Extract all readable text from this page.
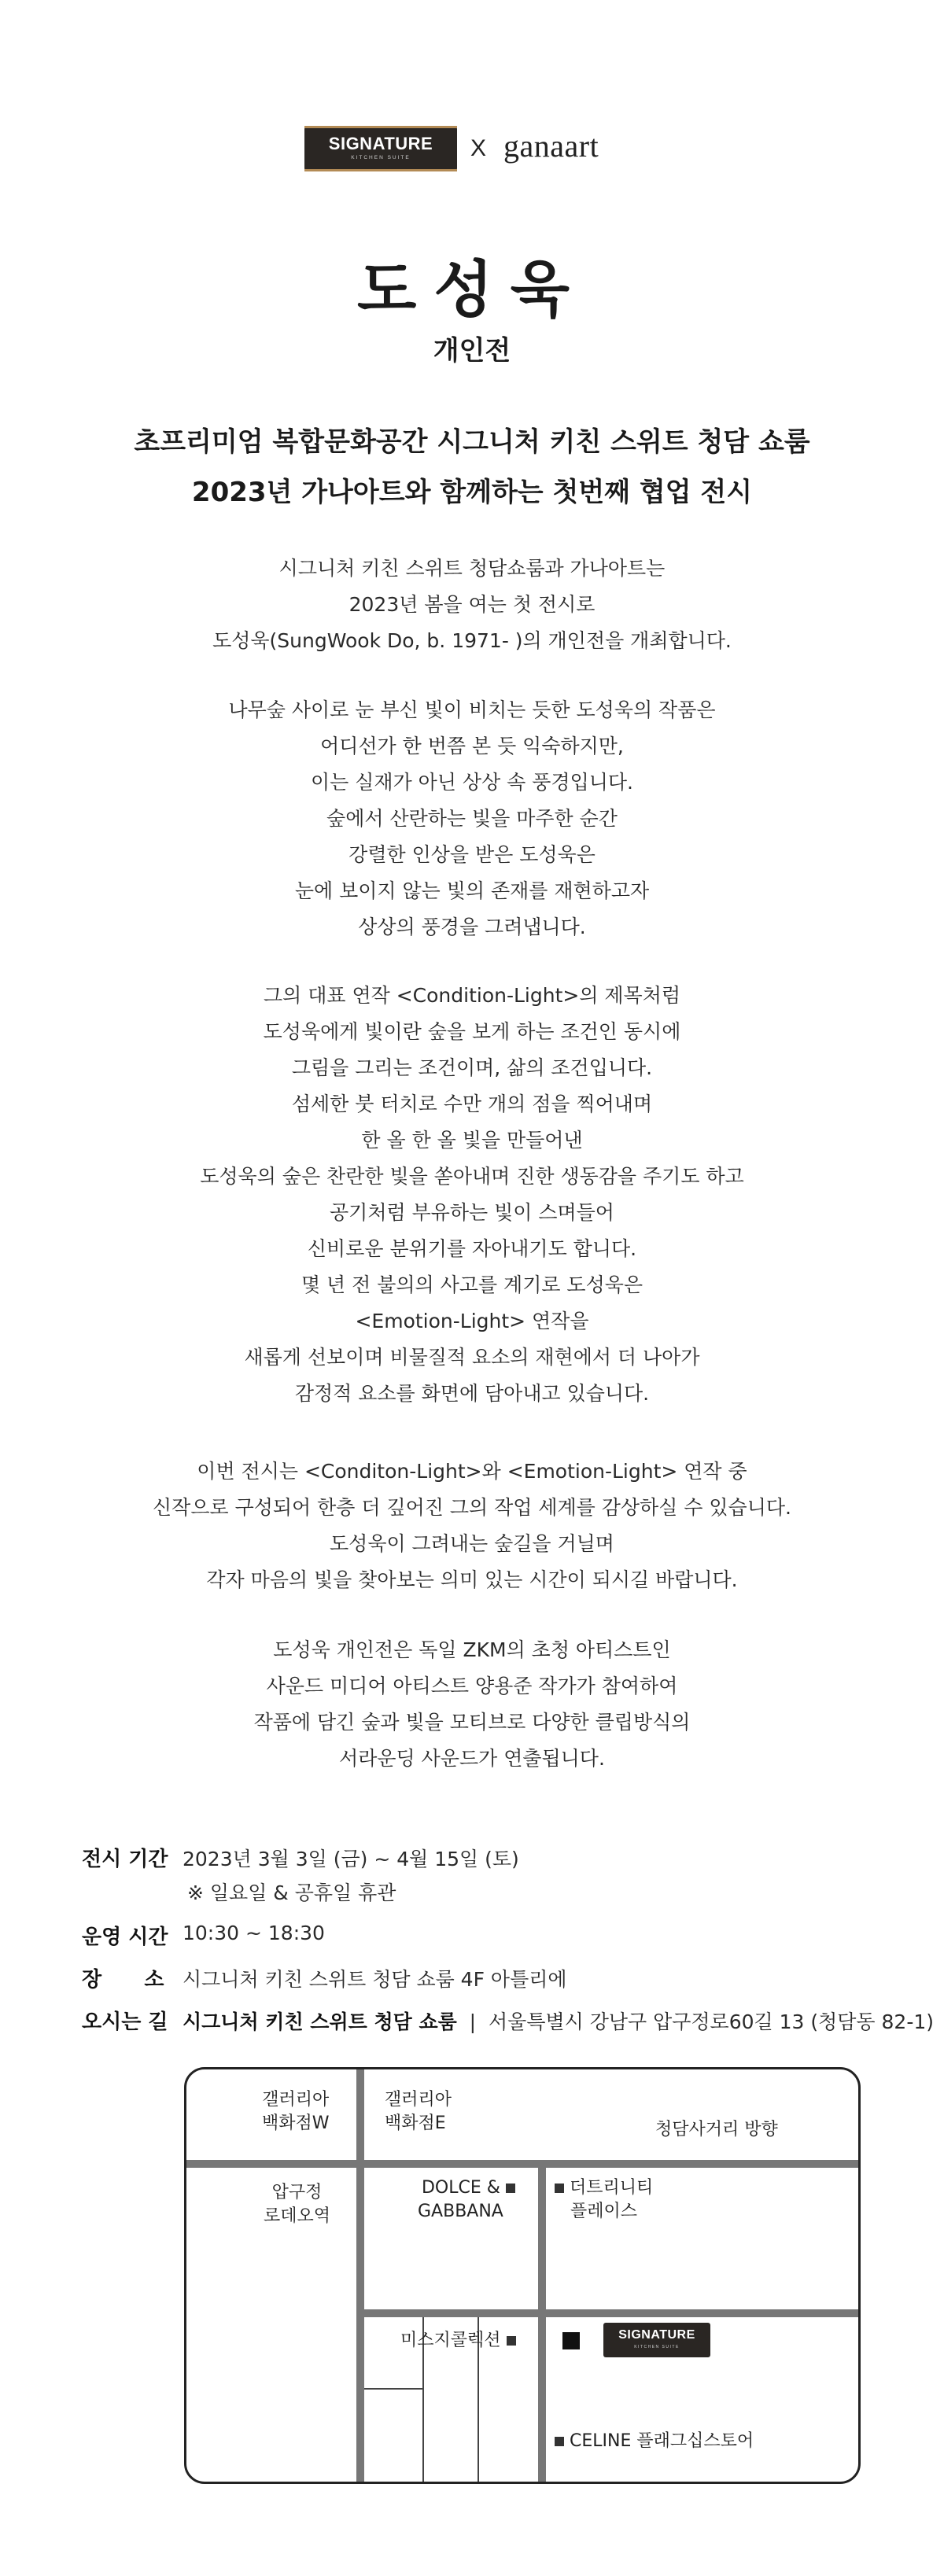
SIGNATURE
KITCHEN SUITE	X ganaart
도성욱
개인전
초프리미엄 복합문화공간 시그니처 키친 스위트 청담 쇼룸
2023년 가나아트와 함께하는 첫번째 협업 전시
시그니처 키친 스위트 청담쇼룸과 가나아트는
2023년 봄을 여는 첫 전시로
도성욱(SungWook Do, b. 1971- )의 개인전을 개최합니다.
나무숲 사이로 눈 부신 빛이 비치는 듯한 도성욱의 작품은
어디선가 한 번쯤 본 듯 익숙하지만,
이는 실재가 아닌 상상 속 풍경입니다.
숲에서 산란하는 빛을 마주한 순간
강렬한 인상을 받은 도성욱은
눈에 보이지 않는 빛의 존재를 재현하고자
상상의 풍경을 그려냅니다.
그의 대표 연작 <Condition-Light>의 제목처럼
도성욱에게 빛이란 숲을 보게 하는 조건인 동시에
그림을 그리는 조건이며, 삶의 조건입니다.
섬세한 붓 터치로 수만 개의 점을 찍어내며
한 올 한 올 빛을 만들어낸
도성욱의 숲은 찬란한 빛을 쏟아내며 진한 생동감을 주기도 하고
공기처럼 부유하는 빛이 스며들어
신비로운 분위기를 자아내기도 합니다.
몇 년 전 불의의 사고를 계기로 도성욱은
<Emotion-Light> 연작을
새롭게 선보이며 비물질적 요소의 재현에서 더 나아가
감정적 요소를 화면에 담아내고 있습니다.
이번 전시는 <Conditon-Light>와 <Emotion-Light> 연작 중
신작으로 구성되어 한층 더 깊어진 그의 작업 세계를 감상하실 수 있습니다.
도성욱이 그려내는 숲길을 거닐며
각자 마음의 빛을 찾아보는 의미 있는 시간이 되시길 바랍니다.
도성욱 개인전은 독일 ZKM의 초청 아티스트인
사운드 미디어 아티스트 양용준 작가가 참여하여
작품에 담긴 숲과 빛을 모티브로 다양한 클립방식의
서라운딩 사운드가 연출됩니다.
전시 기간 2023년 3월 3일 (금) ~ 4월 15일 (토)
※ 일요일 & 공휴일 휴관
운영 시간 10:30 ~ 18:30
장      소 시그니처 키친 스위트 청담 쇼룸 4F 아틀리에
오시는 길 시그니처 키친 스위트 청담 쇼룸 | 서울특별시 강남구 압구정로60길 13 (청담동 82-1)
갤러리아
백화점W
갤러리아
백화점E	청담사거리 방향
압구정
로데오역
DOLCE &
GABBANA
더트리니티
플레이스
미스지콜렉션	SIGNATURE
KITCHEN SUITE
CELINE 플래그십스토어
